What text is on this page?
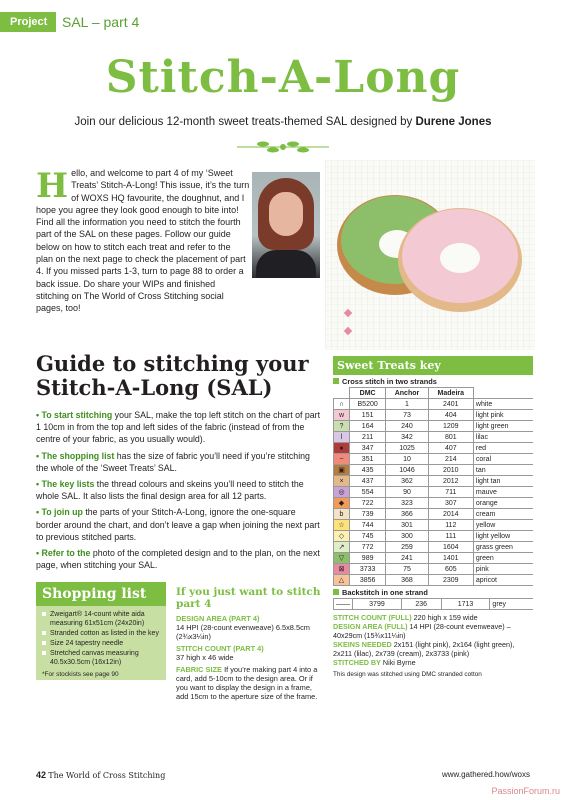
Project	SAL – part 4
Stitch-A-Long
Join our delicious 12-month sweet treats-themed SAL designed by Durene Jones
H ello, and welcome to part 4 of my ‘Sweet Treats’ Stitch-A-Long! This issue, it’s the turn of WOXS HQ favourite, the doughnut, and I hope you agree they look good enough to bite into! Find all the information you need to stitch the fourth part of the SAL on these pages. Follow our guide below on how to stitch each treat and refer to the plan on the next page to check the placement of part 4. If you missed parts 1-3, turn to page 88 to order a back issue. Do share your WIPs and finished stitching on The World of Cross Stitching social pages, too!
Guide to stitching your Stitch-A-Long (SAL)

• To start stitching your SAL, make the top left stitch on the chart of part 1 10cm in from the top and left sides of the fabric (instead of from the centre of your fabric, as you usually would).

• The shopping list has the size of fabric you’ll need if you’re stitching the whole of the ‘Sweet Treats’ SAL.

• The key lists the thread colours and skeins you’ll need to stitch the whole SAL. It also lists the final design area for all 12 parts.

• To join up the parts of your Stitch-A-Long, ignore the one-square border around the chart, and don’t leave a gap when joining the next part to previous stitched parts.

• Refer to the photo of the completed design and to the plan, on the next page, when stitching your SAL.

Shopping list
Zweigart® 14-count white aida measuring 61x51cm (24x20in)
Stranded cotton as listed in the key
Size 24 tapestry needle
Stretched canvas measuring 40.5x30.5cm (16x12in)
*For stockists see page 90
If you just want to stitch part 4

DESIGN AREA (PART 4)
14 HPI (28-count evenweave) 6.5x8.5cm (2¾x3¼in)

STITCH COUNT (PART 4)
37 high x 46 wide

FABRIC SIZE If you’re making part 4 into a card, add 5-10cm to the design area. Or if you want to display the design in a frame, add 15cm to the aperture size of the frame.

Sweet Treats key
Cross stitch in two strands
	DMC	Anchor	Madeira	
∩	B5200	1	2401	white
w	151	73	404	light pink
?	164	240	1209	light green
l	211	342	801	lilac
●	347	1025	407	red
~	351	10	214	coral
▣	435	1046	2010	tan
×	437	362	2012	light tan
◎	554	90	711	mauve
◆	722	323	307	orange
b	739	366	2014	cream
☆	744	301	112	yellow
◇	745	300	111	light yellow
↗	772	259	1604	grass green
▽	989	241	1401	green
⊠	3733	75	605	pink
△	3856	368	2309	apricot
Backstitch in one strand
——	3799	236	1713	grey

STITCH COUNT (FULL) 220 high x 159 wide

DESIGN AREA (FULL) 14 HPI (28-count evenweave) – 40x29cm (15¾x11¼in)

SKEINS NEEDED 2x151 (light pink), 2x164 (light green), 2x211 (lilac), 2x739 (cream), 2x3733 (pink)

STITCHED BY Niki Byrne

This design was stitched using DMC stranded cotton

42 The World of Cross Stitching	www.gathered.how/woxs
PassionForum.ru
